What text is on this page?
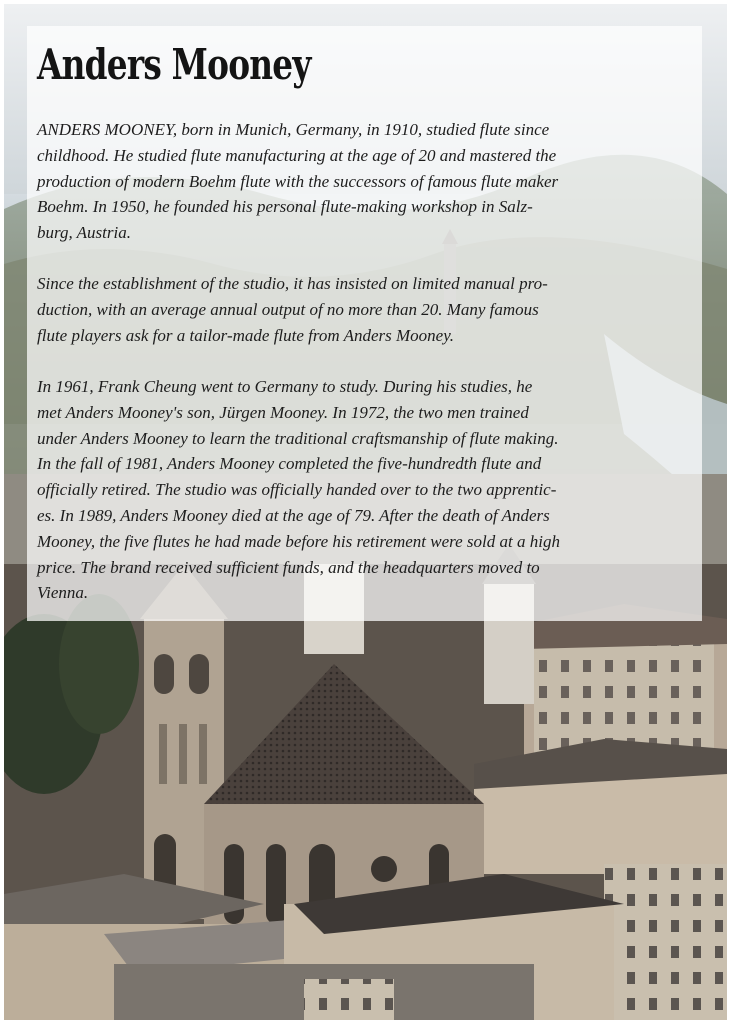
Anders Mooney

ANDERS MOONEY, born in Munich, Germany, in 1910, studied flute since
childhood. He studied flute manufacturing at the age of 20 and mastered the
production of modern Boehm flute with the successors of famous flute maker
Boehm. In 1950, he founded his personal flute-making workshop in Salz-
burg, Austria.

Since the establishment of the studio, it has insisted on limited manual pro-
duction, with an average annual output of no more than 20. Many famous
flute players ask for a tailor-made flute from Anders Mooney.

In 1961, Frank Cheung went to Germany to study. During his studies, he
met Anders Mooney's son, Jürgen Mooney. In 1972, the two men trained
under Anders Mooney to learn the traditional craftsmanship of flute making.
In the fall of 1981, Anders Mooney completed the five-hundredth flute and
officially retired. The studio was officially handed over to the two apprentic-
es. In 1989, Anders Mooney died at the age of 79. After the death of Anders
Mooney, the five flutes he had made before his retirement were sold at a high
price. The brand received sufficient funds, and the headquarters moved to
Vienna.
